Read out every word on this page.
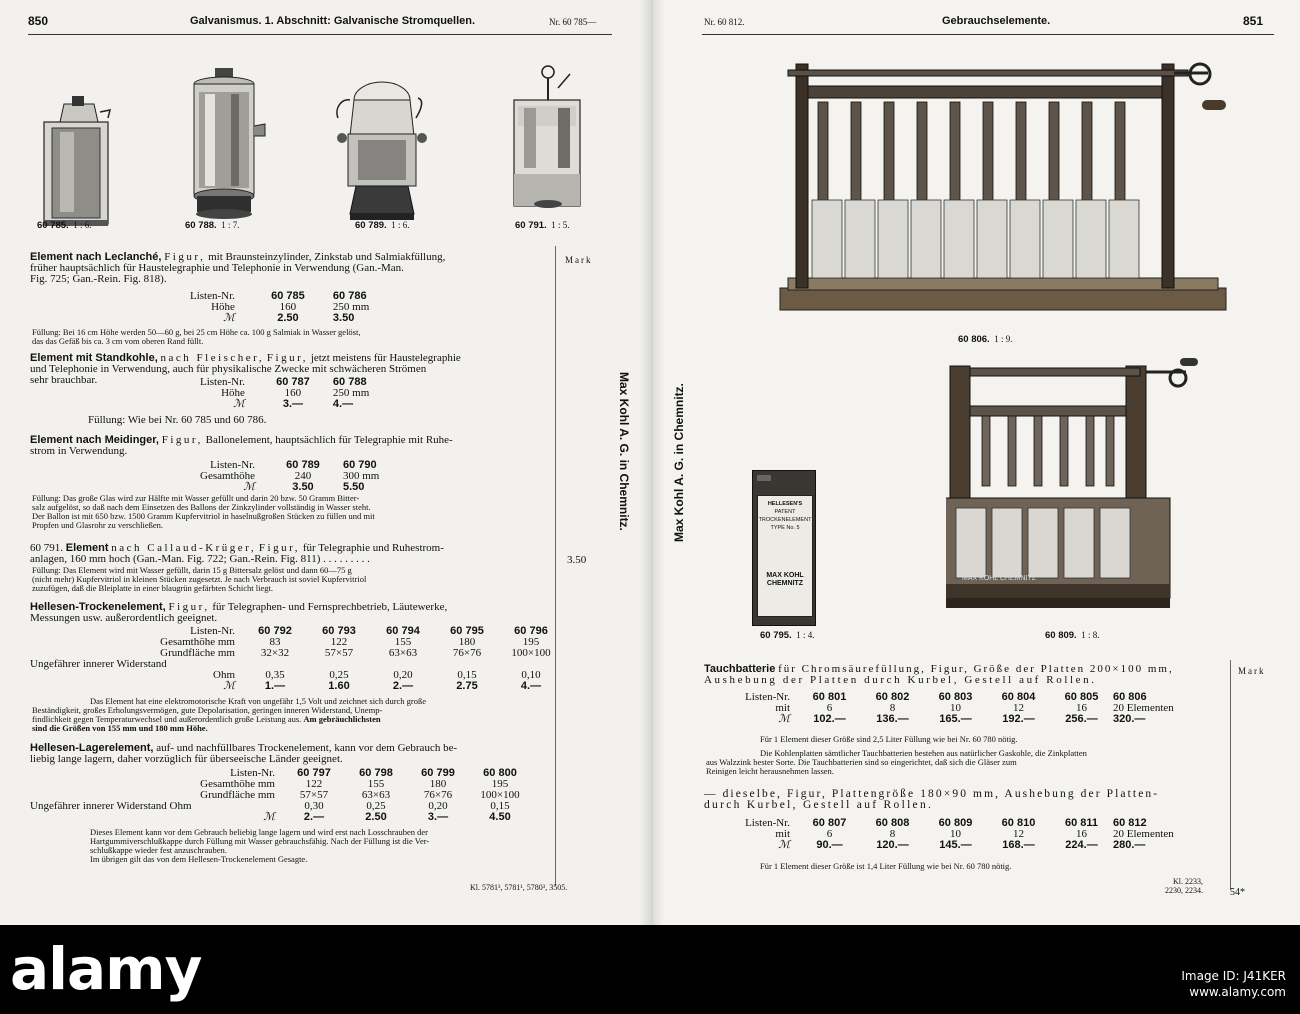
850	Galvanismus. 1. Abschnitt: Galvanische Stromquellen.	Nr. 60 785—
60 785. 1 : 6.	60 788. 1 : 7.	60 789. 1 : 6.	60 791. 1 : 5.
Mark
3.50
Max Kohl A. G. in Chemnitz.
Element nach Leclanché, Figur, mit Braunsteinzylinder, Zinkstab und Salmiakfüllung,
früher hauptsächlich für Haustelegraphie und Telephonie in Verwendung (Gan.-Man.
Fig. 725; Gan.-Rein. Fig. 818).
Listen-Nr.	60 785	60 786
Höhe	160	250 mm
ℳ	2.50	3.50
Füllung: Bei 16 cm Höhe werden 50—60 g, bei 25 cm Höhe ca. 100 g Salmiak in Wasser gelöst,
das das Gefäß bis ca. 3 cm vom oberen Rand füllt.
Element mit Standkohle, nach Fleischer, Figur, jetzt meistens für Haustelegraphie
und Telephonie in Verwendung, auch für physikalische Zwecke mit schwächeren Strömen
sehr brauchbar.	Listen-Nr.	60 787	60 788
Höhe	160	250 mm
ℳ	3.—	4.—
Füllung: Wie bei Nr. 60 785 und 60 786.
Element nach Meidinger, Figur, Ballonelement, hauptsächlich für Telegraphie mit Ruhe-
strom in Verwendung.
Listen-Nr.	60 789	60 790
Gesamthöhe	240	300 mm
ℳ	3.50	5.50
Füllung: Das große Glas wird zur Hälfte mit Wasser gefüllt und darin 20 bzw. 50 Gramm Bitter-
salz aufgelöst, so daß nach dem Einsetzen des Ballons der Zinkzylinder vollständig in Wasser steht.
Der Ballon ist mit 650 bzw. 1500 Gramm Kupfervitriol in haselnußgroßen Stücken zu füllen und mit
Propfen und Glasrohr zu verschließen.
60 791. Element nach Callaud-Krüger, Figur, für Telegraphie und Ruhestrom-
anlagen, 160 mm hoch (Gan.-Man. Fig. 722; Gan.-Rein. Fig. 811) . . . . . . . . .
Füllung: Das Element wird mit Wasser gefüllt, darin 15 g Bittersalz gelöst und dann 60—75 g
(nicht mehr) Kupfervitriol in kleinen Stücken zugesetzt. Je nach Verbrauch ist soviel Kupfervitriol
zuzufügen, daß die Bleiplatte in einer blaugrün gefärbten Schicht liegt.
Hellesen-Trockenelement, Figur, für Telegraphen- und Fernsprechbetrieb, Läutewerke,
Messungen usw. außerordentlich geeignet.
Listen-Nr.	60 792	60 793	60 794	60 795	60 796
Gesamthöhe mm	83	122	155	180	195
Grundfläche mm	32×32	57×57	63×63	76×76	100×100
Ungefährer innerer Widerstand					
Ohm	0,35	0,25	0,20	0,15	0,10
ℳ	1.—	1.60	2.—	2.75	4.—
Das Element hat eine elektromotorische Kraft von ungefähr 1,5 Volt und zeichnet sich durch große
Beständigkeit, großes Erholungsvermögen, gute Depolarisation, geringen inneren Widerstand, Unemp-
findlichkeit gegen Temperaturwechsel und außerordentlich große Leistung aus. Am gebräuchlichsten
sind die Größen von 155 mm und 180 mm Höhe.
Hellesen-Lagerelement, auf- und nachfüllbares Trockenelement, kann vor dem Gebrauch be-
liebig lange lagern, daher vorzüglich für überseeische Länder geeignet.
Listen-Nr.	60 797	60 798	60 799	60 800
Gesamthöhe mm	122	155	180	195
Grundfläche mm	57×57	63×63	76×76	100×100
Ungefährer innerer Widerstand Ohm	0,30	0,25	0,20	0,15
ℳ	2.—	2.50	3.—	4.50
Dieses Element kann vor dem Gebrauch beliebig lange lagern und wird erst nach Losschrauben der
Hartgummiverschlußkappe durch Füllung mit Wasser gebrauchsfähig. Nach der Füllung ist die Ver-
schlußkappe wieder fest anzuschrauben.
Im übrigen gilt das von dem Hellesen-Trockenelement Gesagte.
Kl. 5781³, 5781¹, 5780³, 3505.
Nr. 60 812.	Gebrauchselemente.	851
Max Kohl A. G. in Chemnitz.
60 806. 1 : 9.
HELLESEN'S
PATENT
TROCKENELEMENT
TYPE No. 5
MAX KOHL
CHEMNITZ
60 795. 1 : 4.
MAX KOHL CHEMNITZ
60 809. 1 : 8.
Mark
Tauchbatterie für Chromsäurefüllung, Figur, Größe der Platten 200×100 mm,
Aushebung der Platten durch Kurbel, Gestell auf Rollen.
Listen-Nr.	60 801	60 802	60 803	60 804	60 805	60 806
mit	6	8	10	12	16	20 Elementen
ℳ	102.—	136.—	165.—	192.—	256.—	320.—
Für 1 Element dieser Größe sind 2,5 Liter Füllung wie bei Nr. 60 780 nötig.
Die Kohlenplatten sämtlicher Tauchbatterien bestehen aus natürlicher Gaskohle, die Zinkplatten
aus Walzzink bester Sorte. Die Tauchbatterien sind so eingerichtet, daß sich die Gläser zum
Reinigen leicht herausnehmen lassen.
— dieselbe, Figur, Plattengröße 180×90 mm, Aushebung der Platten-
durch Kurbel, Gestell auf Rollen.
Listen-Nr.	60 807	60 808	60 809	60 810	60 811	60 812
mit	6	8	10	12	16	20 Elementen
ℳ	90.—	120.—	145.—	168.—	224.—	280.—
Für 1 Element dieser Größe ist 1,4 Liter Füllung wie bei Nr. 60 780 nötig.
Kl. 2233,
2230, 2234.	54*
alamy	Image ID: J41KER
www.alamy.com
